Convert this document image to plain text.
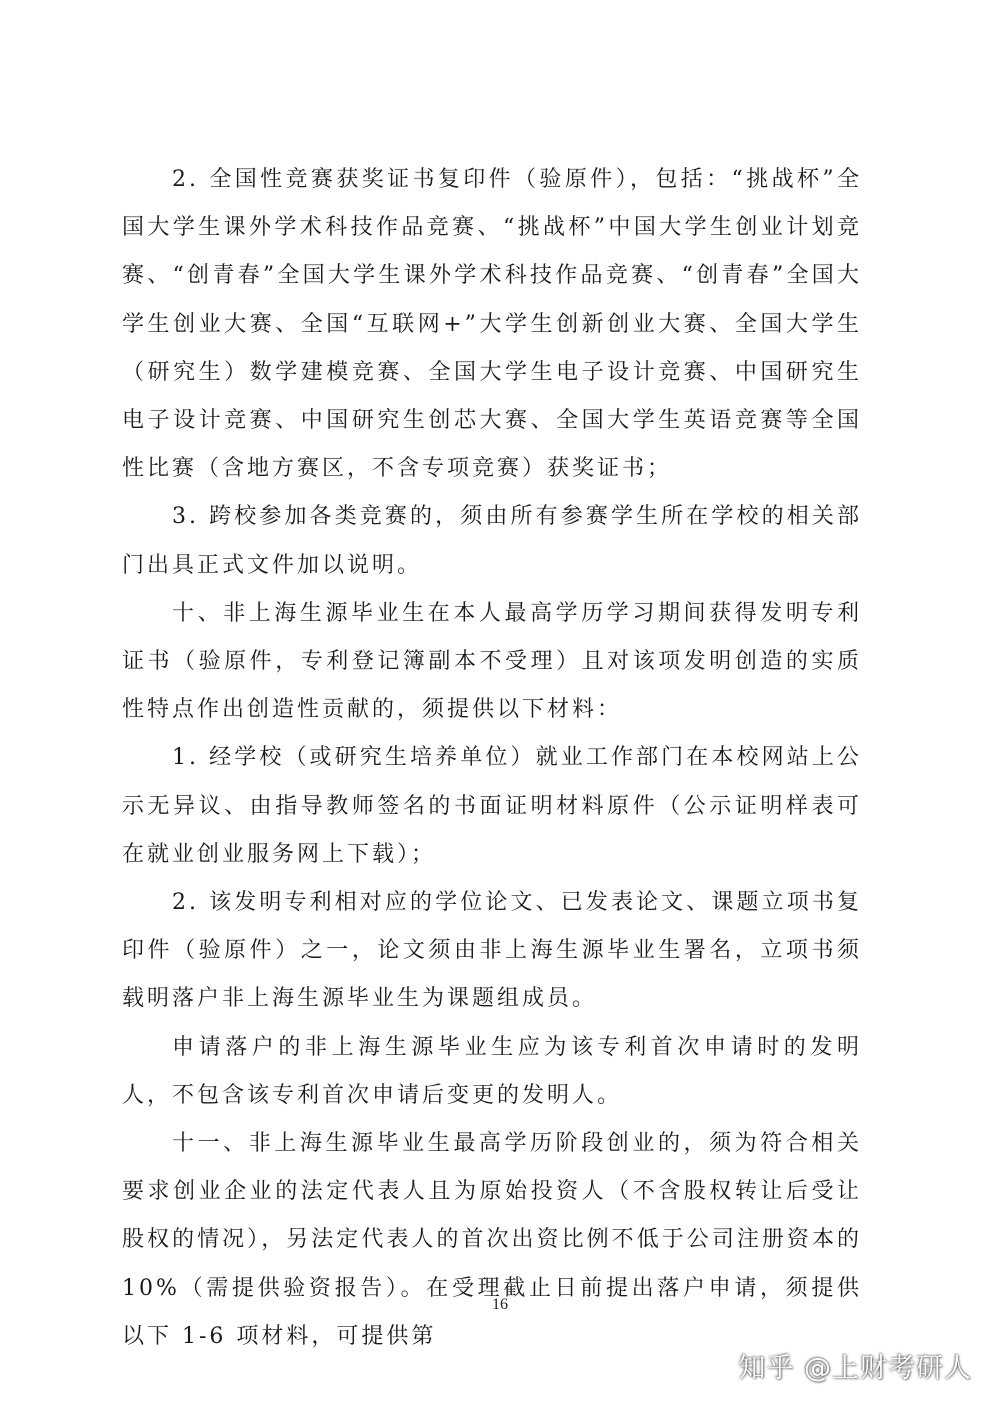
2. 全国性竞赛获奖证书复印件（验原件），包括：“挑战杯”全国大学生课外学术科技作品竞赛、“挑战杯”中国大学生创业计划竞赛、“创青春”全国大学生课外学术科技作品竞赛、“创青春”全国大学生创业大赛、全国“互联网+”大学生创新创业大赛、全国大学生（研究生）数学建模竞赛、全国大学生电子设计竞赛、中国研究生电子设计竞赛、中国研究生创芯大赛、全国大学生英语竞赛等全国性比赛（含地方赛区，不含专项竞赛）获奖证书；

3. 跨校参加各类竞赛的，须由所有参赛学生所在学校的相关部门出具正式文件加以说明。

十、非上海生源毕业生在本人最高学历学习期间获得发明专利证书（验原件，专利登记簿副本不受理）且对该项发明创造的实质性特点作出创造性贡献的，须提供以下材料：

1. 经学校（或研究生培养单位）就业工作部门在本校网站上公示无异议、由指导教师签名的书面证明材料原件（公示证明样表可在就业创业服务网上下载）；

2. 该发明专利相对应的学位论文、已发表论文、课题立项书复印件（验原件）之一，论文须由非上海生源毕业生署名，立项书须载明落户非上海生源毕业生为课题组成员。

申请落户的非上海生源毕业生应为该专利首次申请时的发明人，不包含该专利首次申请后变更的发明人。

十一、非上海生源毕业生最高学历阶段创业的，须为符合相关要求创业企业的法定代表人且为原始投资人（不含股权转让后受让股权的情况），另法定代表人的首次出资比例不低于公司注册资本的 10%（需提供验资报告）。在受理截止日前提出落户申请，须提供以下 1-6 项材料，可提供第

16
知乎 @上财考研人
